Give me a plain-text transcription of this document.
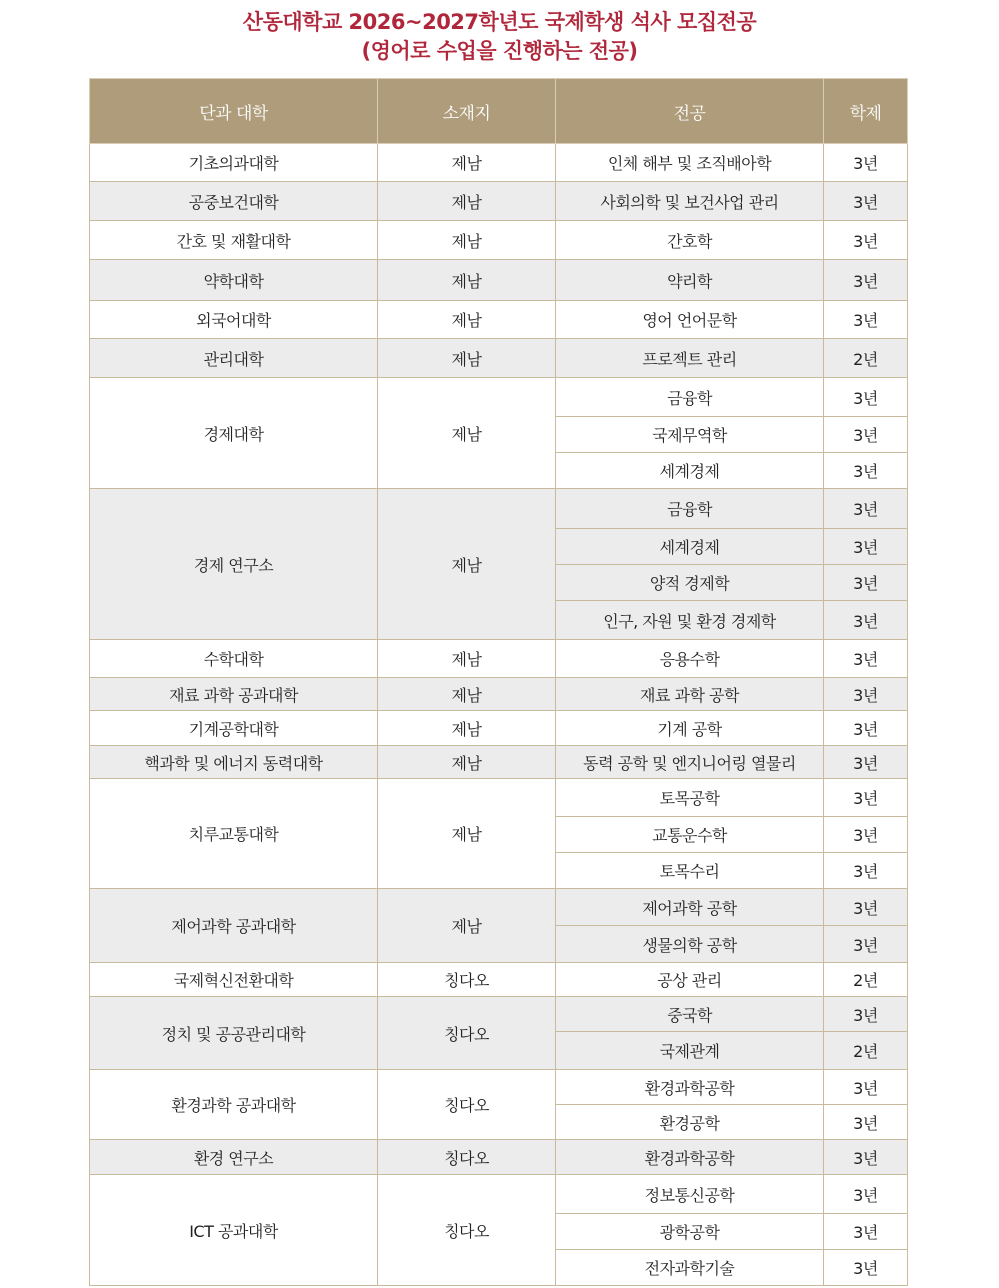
산동대학교 2026~2027학년도 국제학생 석사 모집전공
(영어로 수업을 진행하는 전공)
단과 대학	소재지	전공	학제
기초의과대학	제남	인체 해부 및 조직배아학	3년
공중보건대학	제남	사회의학 및 보건사업 관리	3년
간호 및 재활대학	제남	간호학	3년
약학대학	제남	약리학	3년
외국어대학	제남	영어 언어문학	3년
관리대학	제남	프로젝트 관리	2년
경제대학	제남	금융학	3년
		국제무역학	3년
		세계경제	3년
경제 연구소	제남	금융학	3년
		세계경제	3년
		양적 경제학	3년
		인구, 자원 및 환경 경제학	3년
수학대학	제남	응용수학	3년
재료 과학 공과대학	제남	재료 과학 공학	3년
기계공학대학	제남	기계 공학	3년
핵과학 및 에너지 동력대학	제남	동력 공학 및 엔지니어링 열물리	3년
치루교통대학	제남	토목공학	3년
		교통운수학	3년
		토목수리	3년
제어과학 공과대학	제남	제어과학 공학	3년
		생물의학 공학	3년
국제혁신전환대학	칭다오	공상 관리	2년
정치 및 공공관리대학	칭다오	중국학	3년
		국제관계	2년
환경과학 공과대학	칭다오	환경과학공학	3년
		환경공학	3년
환경 연구소	칭다오	환경과학공학	3년
ICT 공과대학	칭다오	정보통신공학	3년
		광학공학	3년
		전자과학기술	3년
